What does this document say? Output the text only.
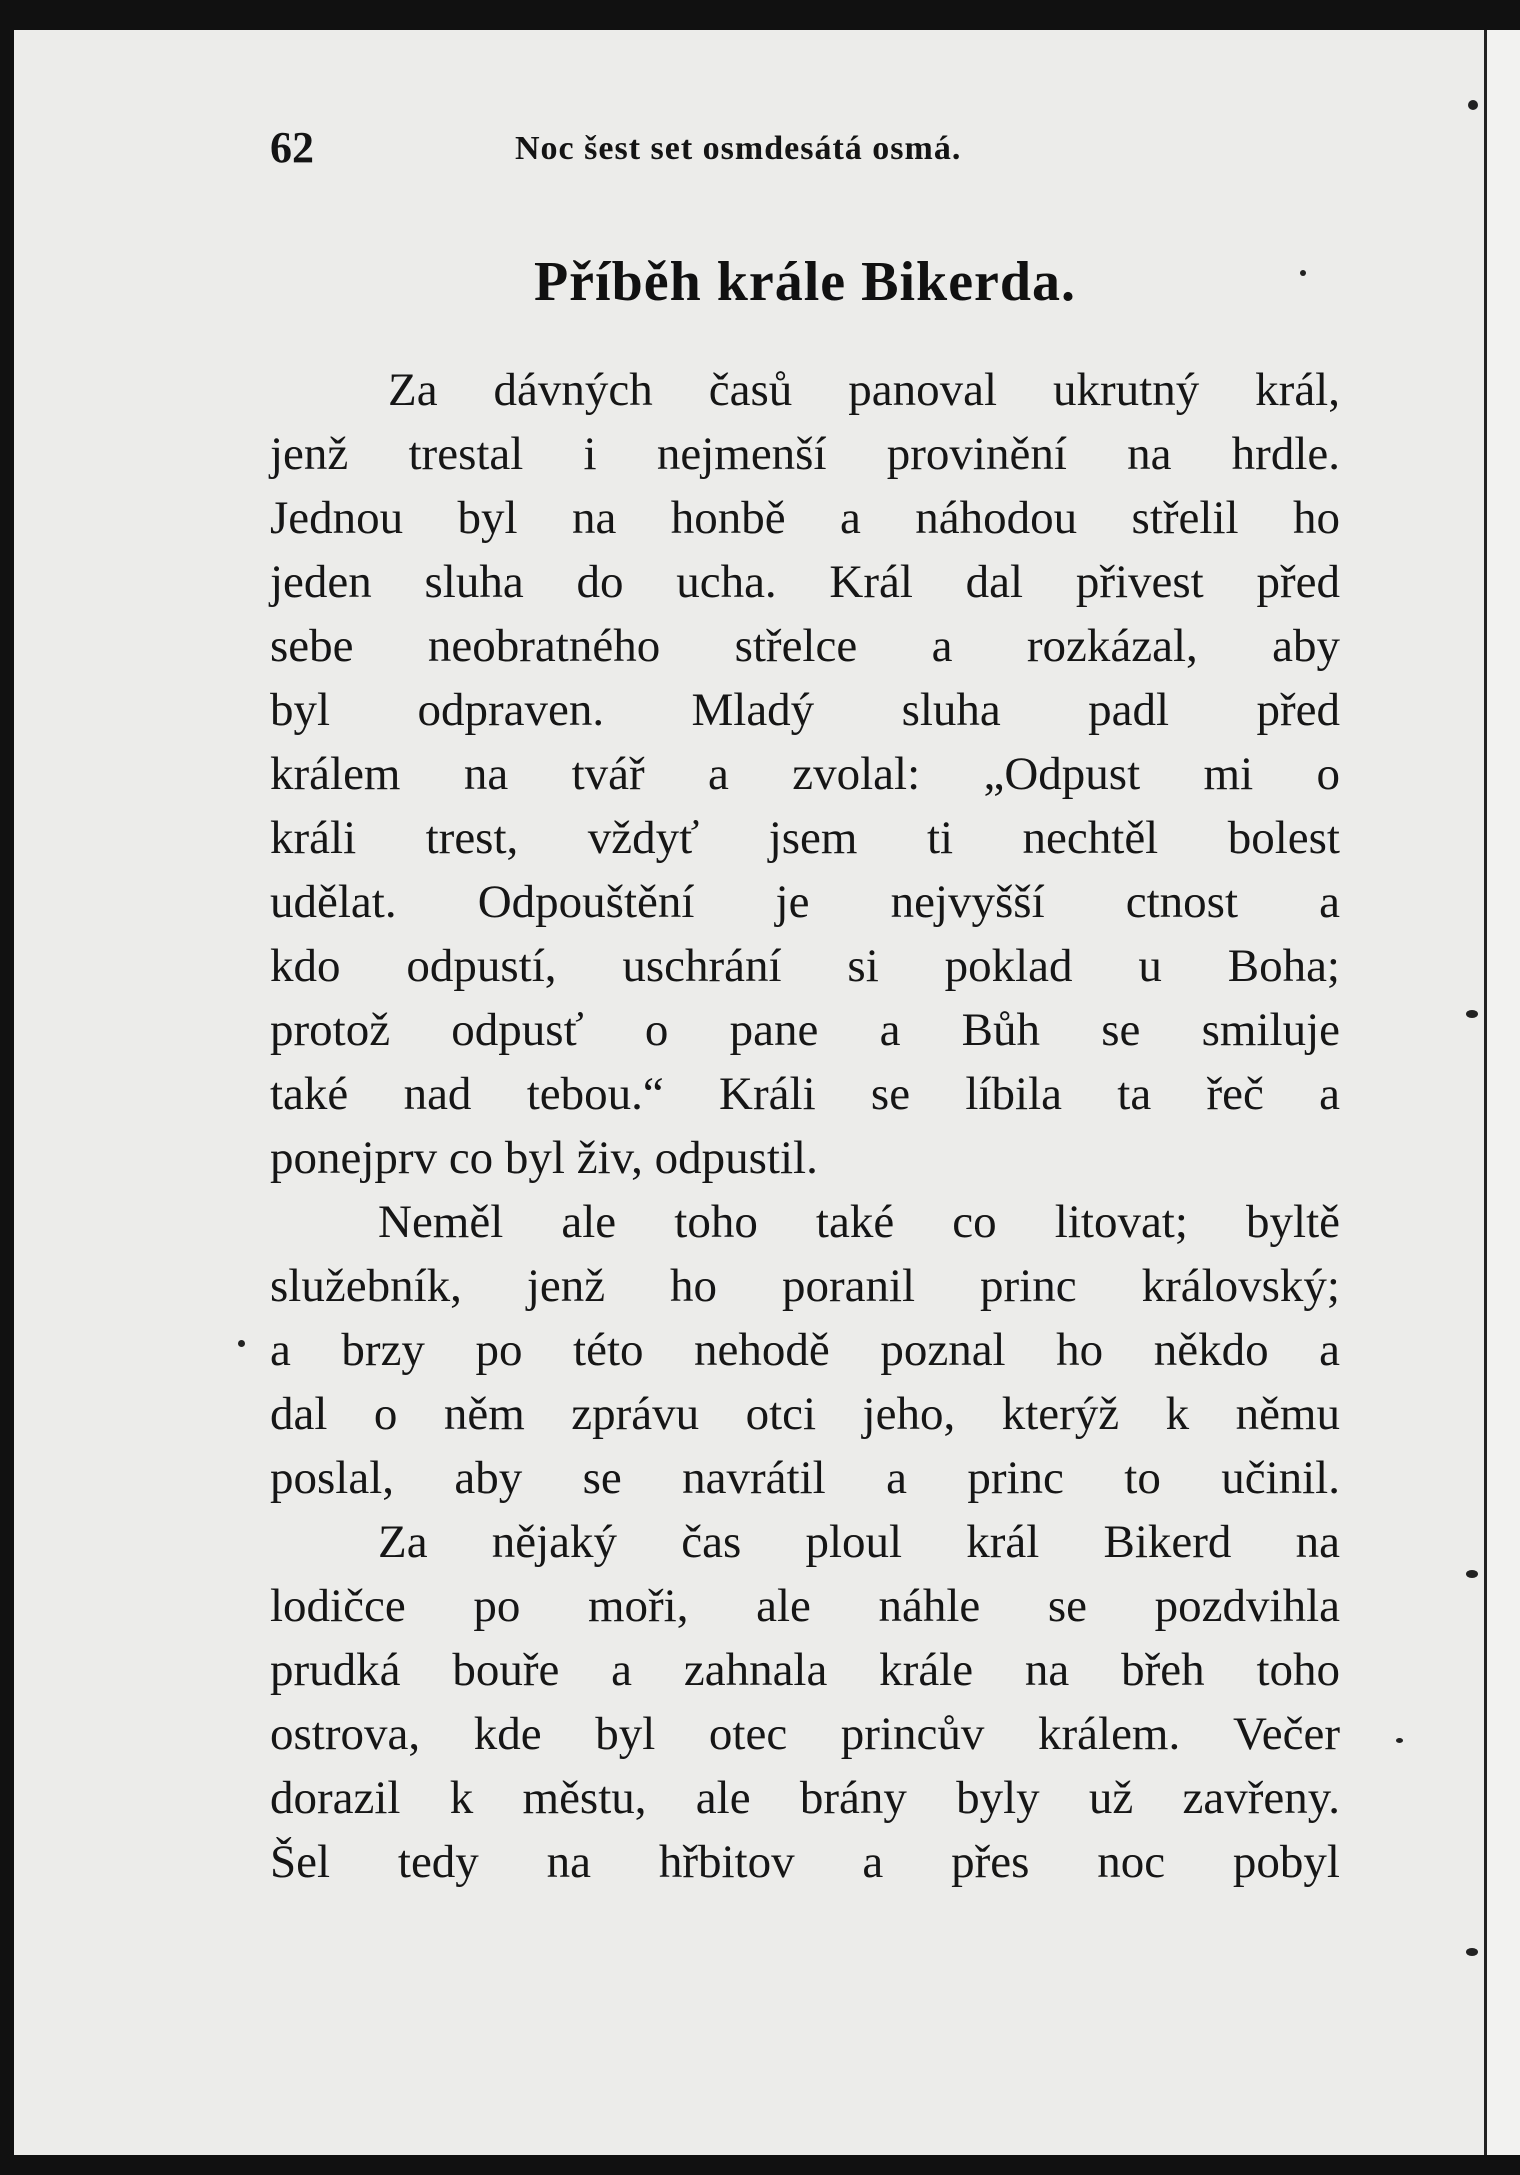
62	Noc šest set osmdesátá osmá.
Příběh krále Bikerda.
Za dávných časů panoval ukrutný král,
jenž trestal i nejmenší provinění na hrdle.
Jednou byl na honbě a náhodou střelil ho
jeden sluha do ucha. Král dal přivest před
sebe neobratného střelce a rozkázal, aby
byl odpraven. Mladý sluha padl před
králem na tvář a zvolal: „Odpust mi o
králi trest, vždyť jsem ti nechtěl bolest
udělat. Odpouštění je nejvyšší ctnost a
kdo odpustí, uschrání si poklad u Boha;
protož odpusť o pane a Bůh se smiluje
také nad tebou.“ Králi se líbila ta řeč a
ponejprv co byl živ, odpustil.
Neměl ale toho také co litovat; byltě
služebník, jenž ho poranil princ královský;
a brzy po této nehodě poznal ho někdo a
dal o něm zprávu otci jeho, kterýž k němu
poslal, aby se navrátil a princ to učinil.
Za nějaký čas ploul král Bikerd na
lodičce po moři, ale náhle se pozdvihla
prudká bouře a zahnala krále na břeh toho
ostrova, kde byl otec princův králem. Večer
dorazil k městu, ale brány byly už zavřeny.
Šel tedy na hřbitov a přes noc pobyl
